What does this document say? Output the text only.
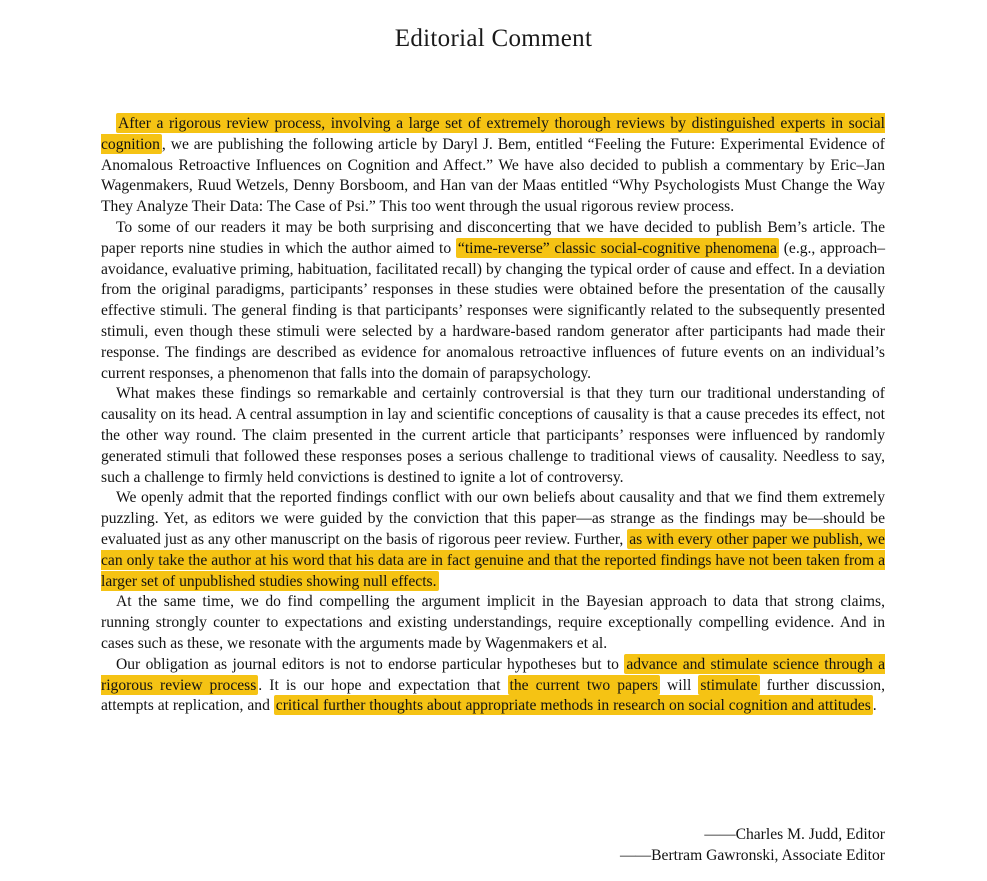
Editorial Comment

After a rigorous review process, involving a large set of extremely thorough reviews by distinguished experts in social cognition , we are publishing the following article by Daryl J. Bem, entitled “Feeling the Future: Experimental Evidence of Anomalous Retroactive Influences on Cognition and Affect.” We have also decided to publish a commentary by Eric–Jan Wagenmakers, Ruud Wetzels, Denny Borsboom, and Han van der Maas entitled “Why Psychologists Must Change the Way They Analyze Their Data: The Case of Psi.” This too went through the usual rigorous review process.

To some of our readers it may be both surprising and disconcerting that we have decided to publish Bem’s article. The paper reports nine studies in which the author aimed to “time-reverse” classic social-cognitive phenomena (e.g., approach–avoidance, evaluative priming, habituation, facilitated recall) by changing the typical order of cause and effect. In a deviation from the original paradigms, participants’ responses in these studies were obtained before the presentation of the causally effective stimuli. The general finding is that participants’ responses were significantly related to the subsequently presented stimuli, even though these stimuli were selected by a hardware-based random generator after participants had made their response. The findings are described as evidence for anomalous retroactive influences of future events on an individual’s current responses, a phenomenon that falls into the domain of parapsychology.

What makes these findings so remarkable and certainly controversial is that they turn our traditional understanding of causality on its head. A central assumption in lay and scientific conceptions of causality is that a cause precedes its effect, not the other way round. The claim presented in the current article that participants’ responses were influenced by randomly generated stimuli that followed these responses poses a serious challenge to traditional views of causality. Needless to say, such a challenge to firmly held convictions is destined to ignite a lot of controversy.

We openly admit that the reported findings conflict with our own beliefs about causality and that we find them extremely puzzling. Yet, as editors we were guided by the conviction that this paper—as strange as the findings may be—should be evaluated just as any other manuscript on the basis of rigorous peer review. Further, as with every other paper we publish, we can only take the author at his word that his data are in fact genuine and that the reported findings have not been taken from a larger set of unpublished studies showing null effects.

At the same time, we do find compelling the argument implicit in the Bayesian approach to data that strong claims, running strongly counter to expectations and existing understandings, require exceptionally compelling evidence. And in cases such as these, we resonate with the arguments made by Wagenmakers et al.

Our obligation as journal editors is not to endorse particular hypotheses but to advance and stimulate science through a rigorous review process . It is our hope and expectation that the current two papers will stimulate further discussion, attempts at replication, and critical further thoughts about appropriate methods in research on social cognition and attitudes .

——Charles M. Judd, Editor
——Bertram Gawronski, Associate Editor
